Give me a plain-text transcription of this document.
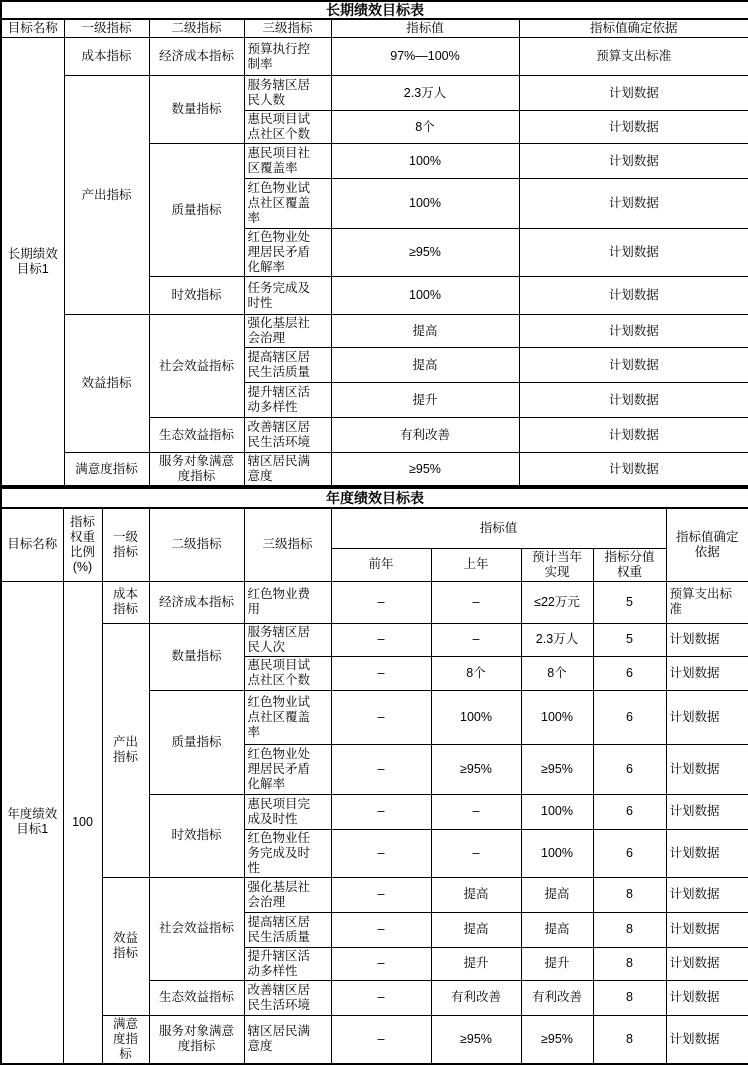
长期绩效目标表					
目标名称	一级指标	二级指标	三级指标	指标值	指标值确定依据
长期绩效目标1	成本指标	经济成本指标	预算执行控制率	97%—100%	预算支出标准
	产出指标	数量指标	服务辖区居民人数	2.3万人	计划数据
			惠民项目试点社区个数	8个	计划数据
		质量指标	惠民项目社区覆盖率	100%	计划数据
			红色物业试点社区覆盖率	100%	计划数据
			红色物业处理居民矛盾化解率	≥95%	计划数据
		时效指标	任务完成及时性	100%	计划数据
	效益指标	社会效益指标	强化基层社会治理	提高	计划数据
			提高辖区居民生活质量	提高	计划数据
			提升辖区活动多样性	提升	计划数据
		生态效益指标	改善辖区居民生活环境	有利改善	计划数据
	满意度指标	服务对象满意度指标	辖区居民满意度	≥95%	计划数据
年度绩效目标表									
目标名称	指标权重比例(%)	一级指标	二级指标	三级指标	指标值				指标值确定依据
					前年	上年	预计当年实现	指标分值权重	
年度绩效目标1	100	成本指标	经济成本指标	红色物业费用	–	–	≤22万元	5	预算支出标准
		产出指标	数量指标	服务辖区居民人次	–	–	2.3万人	5	计划数据
				惠民项目试点社区个数	–	8个	8个	6	计划数据
			质量指标	红色物业试点社区覆盖率	–	100%	100%	6	计划数据
				红色物业处理居民矛盾化解率	–	≥95%	≥95%	6	计划数据
			时效指标	惠民项目完成及时性	–	–	100%	6	计划数据
				红色物业任务完成及时性	–	–	100%	6	计划数据
		效益指标	社会效益指标	强化基层社会治理	–	提高	提高	8	计划数据
				提高辖区居民生活质量	–	提高	提高	8	计划数据
				提升辖区活动多样性	–	提升	提升	8	计划数据
			生态效益指标	改善辖区居民生活环境	–	有利改善	有利改善	8	计划数据
		满意度指标	服务对象满意度指标	辖区居民满意度	–	≥95%	≥95%	8	计划数据
